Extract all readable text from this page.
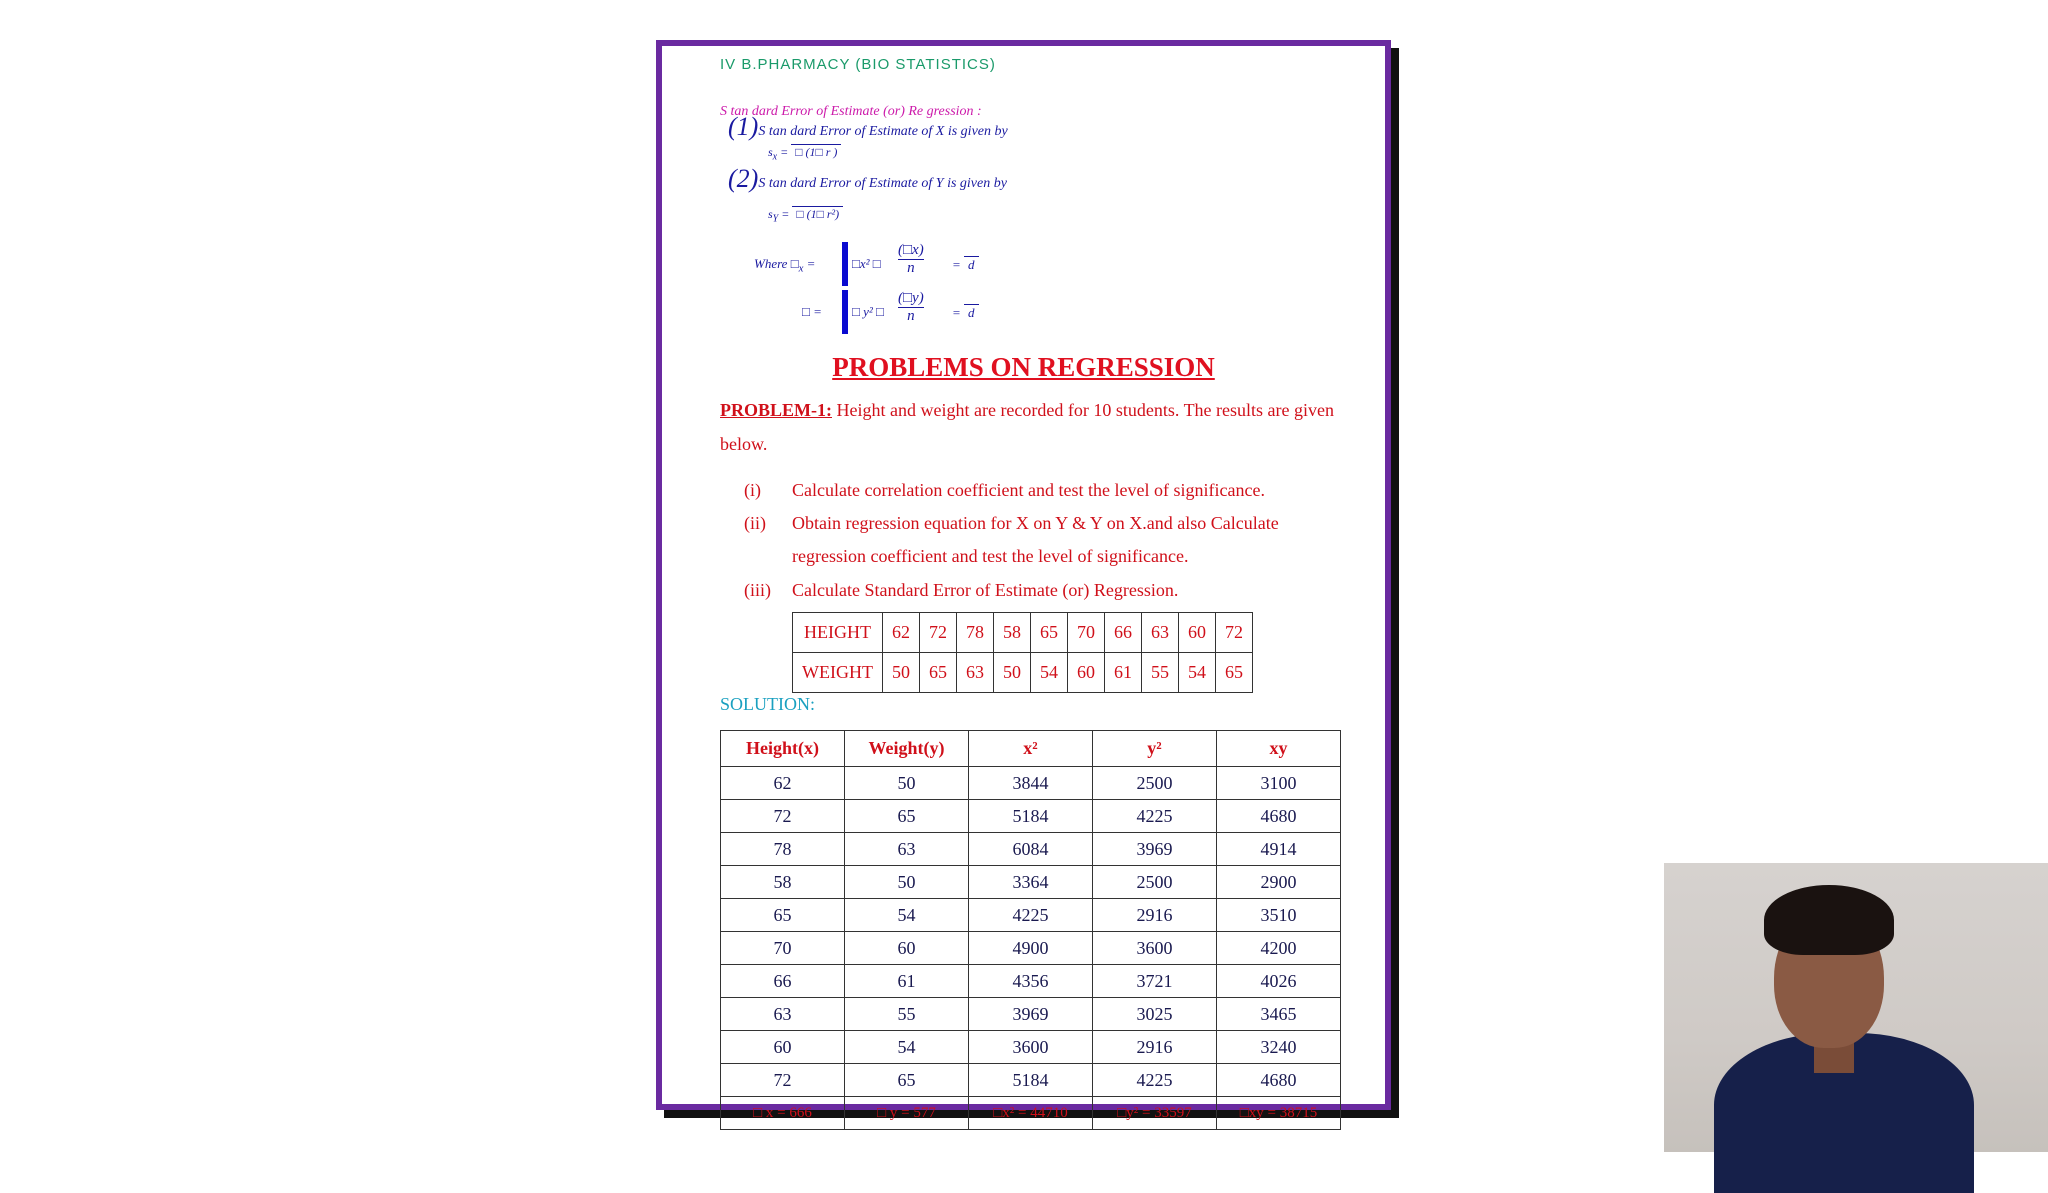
IV B.PHARMACY (BIO STATISTICS)
S tan dard Error of Estimate (or) Re gression :
(1)S tan dard Error of Estimate of X is given by
$s_x$ = □ (1□ r )
(2)S tan dard Error of Estimate of Y is given by
$s_Y$ = □ (1□ r²)
Where $□_x$ =	□x² □
(□x)
n	= d
□ = □ y² □
(□y)
n	= d
PROBLEMS ON REGRESSION
PROBLEM-1: Height and weight are recorded for 10 students. The results are given below.
(i) Calculate correlation coefficient and test the level of significance.
(ii) Obtain regression equation for X on Y & Y on X.and also Calculate
regression coefficient and test the level of significance.
(iii) Calculate Standard Error of Estimate (or) Regression.
HEIGHT	62	72	78	58	65	70	66	63	60	72
WEIGHT	50	65	63	50	54	60	61	55	54	65
SOLUTION:
Height(x)	Weight(y)	x²	y²	xy
62	50	3844	2500	3100
72	65	5184	4225	4680
78	63	6084	3969	4914
58	50	3364	2500	2900
65	54	4225	2916	3510
70	60	4900	3600	4200
66	61	4356	3721	4026
63	55	3969	3025	3465
60	54	3600	2916	3240
72	65	5184	4225	4680
□ x = 666	□ y = 577	□x² = 44710	□y² = 33597	□xy = 38715
